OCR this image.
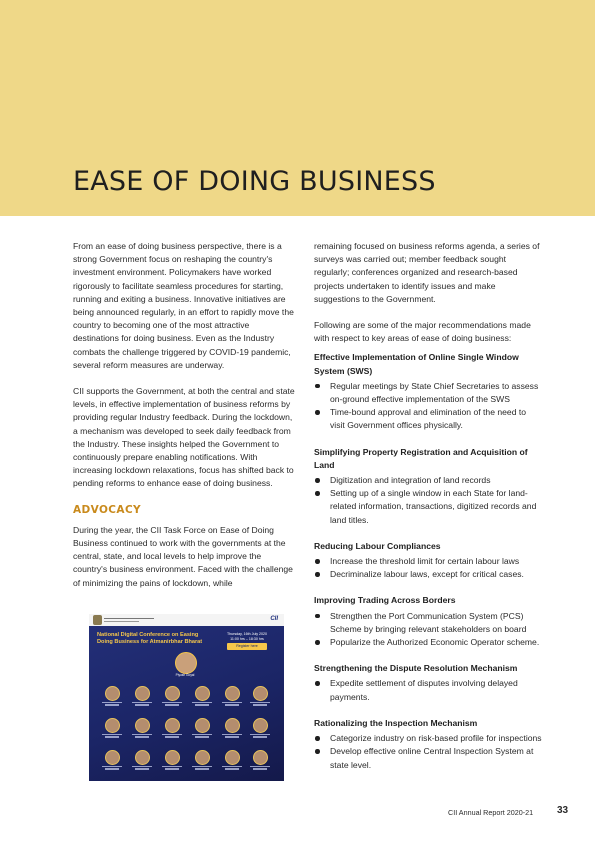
EASE OF DOING BUSINESS

From an ease of doing business perspective, there is a strong Government focus on reshaping the country's investment environment. Policymakers have worked rigorously to facilitate seamless procedures for starting, running and exiting a business. Innovative initiatives are being announced regularly, in an effort to rapidly move the country to becoming one of the most attractive destinations for doing business. Even as the Industry combats the challenge triggered by COVID-19 pandemic, several reform measures are underway.

CII supports the Government, at both the central and state levels, in effective implementation of business reforms by providing regular Industry feedback. During the lockdown, a mechanism was developed to seek daily feedback from the Industry. These insights helped the Government to continuously prepare enabling notifications. With increasing lockdown relaxations, focus has shifted back to pending reforms to enhance ease of doing business.

ADVOCACY

During the year, the CII Task Force on Ease of Doing Business continued to work with the governments at the central, state, and local levels to help improve the country's business environment. Faced with the challenge of minimizing the pains of lockdown, while

CII
National Digital Conference on Easing Doing Business for Atmanirbhar Bharat
Thursday, 16th July 2020
11:00 hrs – 18:30 hrs
Register here
Piyush Goyal

remaining focused on business reforms agenda, a series of surveys was carried out; member feedback sought regularly; conferences organized and research-based projects undertaken to identify issues and make suggestions to the Government.

Following are some of the major recommendations made with respect to key areas of ease of doing business:

Effective Implementation of Online Single Window System (SWS)
Regular meetings by State Chief Secretaries to assess on-ground effective implementation of the SWS
Time-bound approval and elimination of the need to visit Government offices physically.
Simplifying Property Registration and Acquisition of Land
Digitization and integration of land records
Setting up of a single window in each State for land-related information, transactions, digitized records and land titles.
Reducing Labour Compliances
Increase the threshold limit for certain labour laws
Decriminalize labour laws, except for critical cases.
Improving Trading Across Borders
Strengthen the Port Communication System (PCS) Scheme by bringing relevant stakeholders on board
Popularize the Authorized Economic Operator scheme.
Strengthening the Dispute Resolution Mechanism
Expedite settlement of disputes involving delayed payments.
Rationalizing the Inspection Mechanism
Categorize industry on risk-based profile for inspections
Develop effective online Central Inspection System at state level.
CII Annual Report 2020-21 33
